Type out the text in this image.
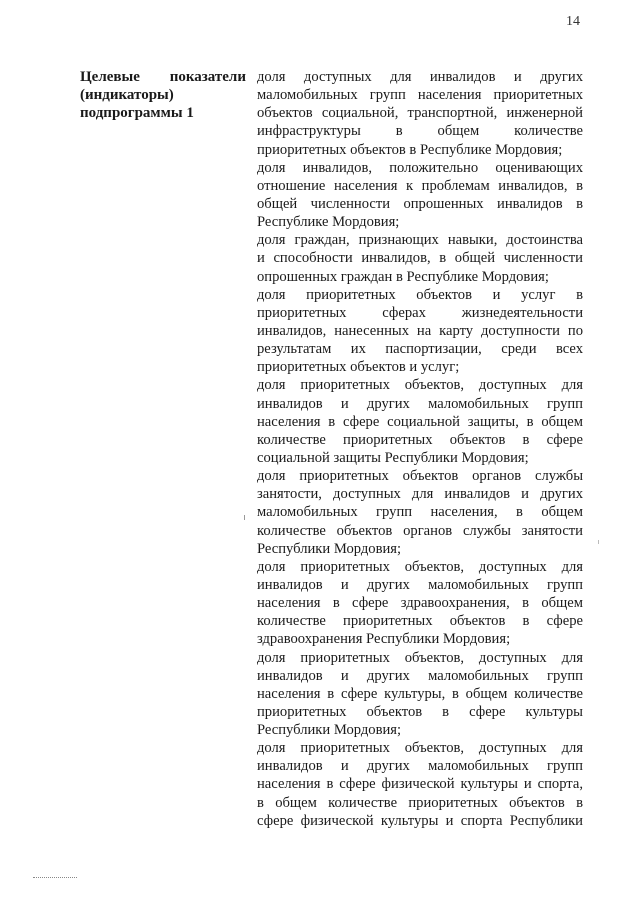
14
Целевые показатели
(индикаторы)
подпрограммы 1
доля доступных для инвалидов и других
маломобильных групп населения приоритетных
объектов социальной, транспортной, инженерной
инфраструктуры в общем количестве
приоритетных объектов в Республике Мордовия;
доля инвалидов, положительно оценивающих
отношение населения к проблемам инвалидов, в
общей численности опрошенных инвалидов в
Республике Мордовия;
доля граждан, признающих навыки, достоинства
и способности инвалидов, в общей численности
опрошенных граждан в Республике Мордовия;
доля приоритетных объектов и услуг в
приоритетных сферах жизнедеятельности
инвалидов, нанесенных на карту доступности по
результатам их паспортизации, среди всех
приоритетных объектов и услуг;
доля приоритетных объектов, доступных для
инвалидов и других маломобильных групп
населения в сфере социальной защиты, в общем
количестве приоритетных объектов в сфере
социальной защиты Республики Мордовия;
доля приоритетных объектов органов службы
занятости, доступных для инвалидов и других
маломобильных групп населения, в общем
количестве объектов органов службы занятости
Республики Мордовия;
доля приоритетных объектов, доступных для
инвалидов и других маломобильных групп
населения в сфере здравоохранения, в общем
количестве приоритетных объектов в сфере
здравоохранения Республики Мордовия;
доля приоритетных объектов, доступных для
инвалидов и других маломобильных групп
населения в сфере культуры, в общем количестве
приоритетных объектов в сфере культуры
Республики Мордовия;
доля приоритетных объектов, доступных для
инвалидов и других маломобильных групп
населения в сфере физической культуры и спорта,
в общем количестве приоритетных объектов в
сфере физической культуры и спорта Республики
